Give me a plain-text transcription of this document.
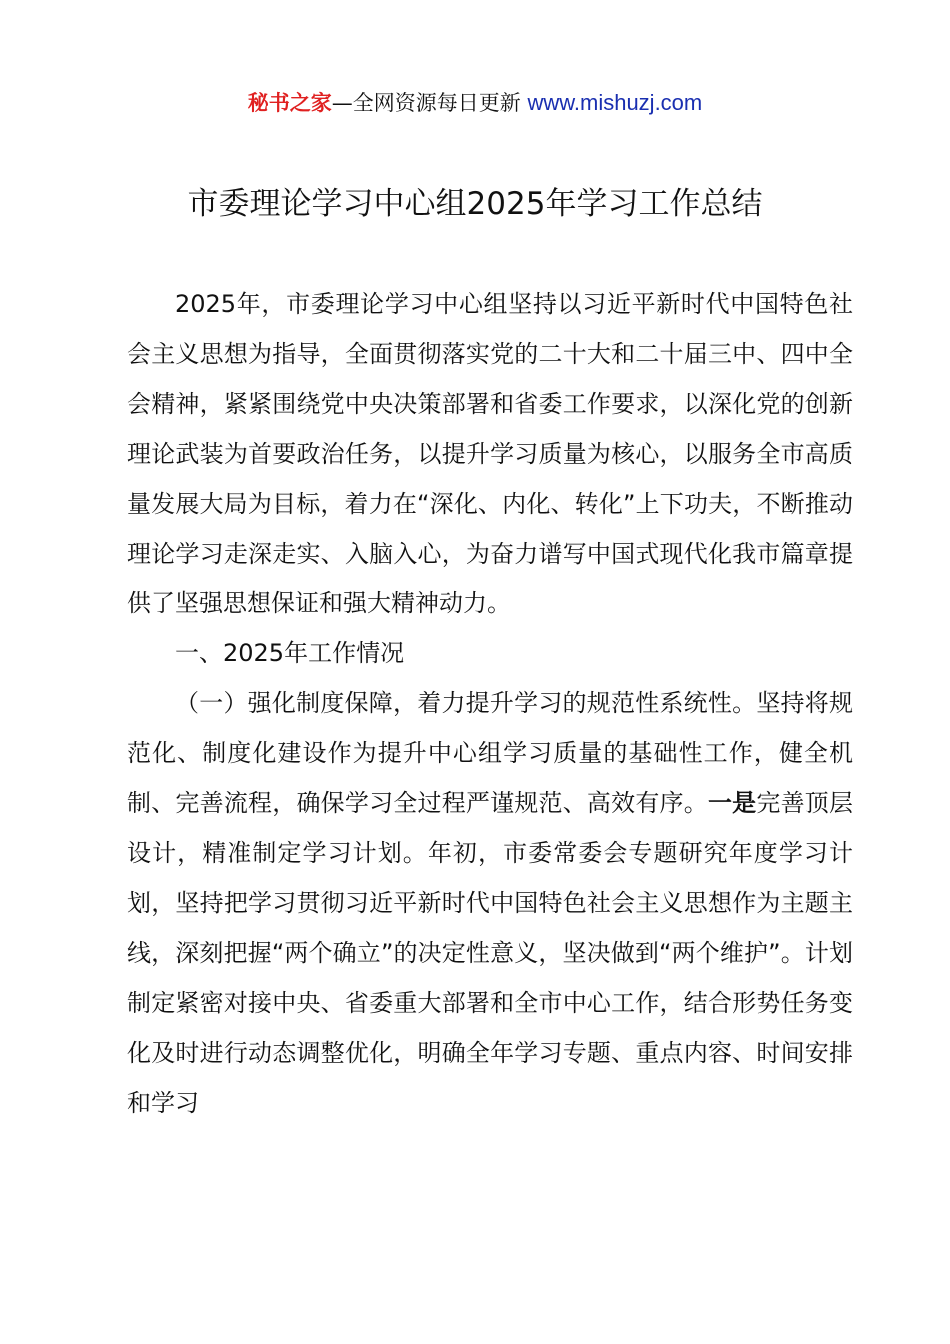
秘书之家—全网资源每日更新 www.mishuzj.com
市委理论学习中心组2025年学习工作总结

2025年，市委理论学习中心组坚持以习近平新时代中国特色社会主义思想为指导，全面贯彻落实党的二十大和二十届三中、四中全会精神，紧紧围绕党中央决策部署和省委工作要求，以深化党的创新理论武装为首要政治任务，以提升学习质量为核心，以服务全市高质量发展大局为目标，着力在“深化、内化、转化”上下功夫，不断推动理论学习走深走实、入脑入心，为奋力谱写中国式现代化我市篇章提供了坚强思想保证和强大精神动力。

一、2025年工作情况

（一）强化制度保障，着力提升学习的规范性系统性。坚持将规范化、制度化建设作为提升中心组学习质量的基础性工作，健全机制、完善流程，确保学习全过程严谨规范、高效有序。一是完善顶层设计，精准制定学习计划。年初，市委常委会专题研究年度学习计划，坚持把学习贯彻习近平新时代中国特色社会主义思想作为主题主线，深刻把握“两个确立”的决定性意义，坚决做到“两个维护”。计划制定紧密对接中央、省委重大部署和全市中心工作，结合形势任务变化及时进行动态调整优化，明确全年学习专题、重点内容、时间安排和学习
